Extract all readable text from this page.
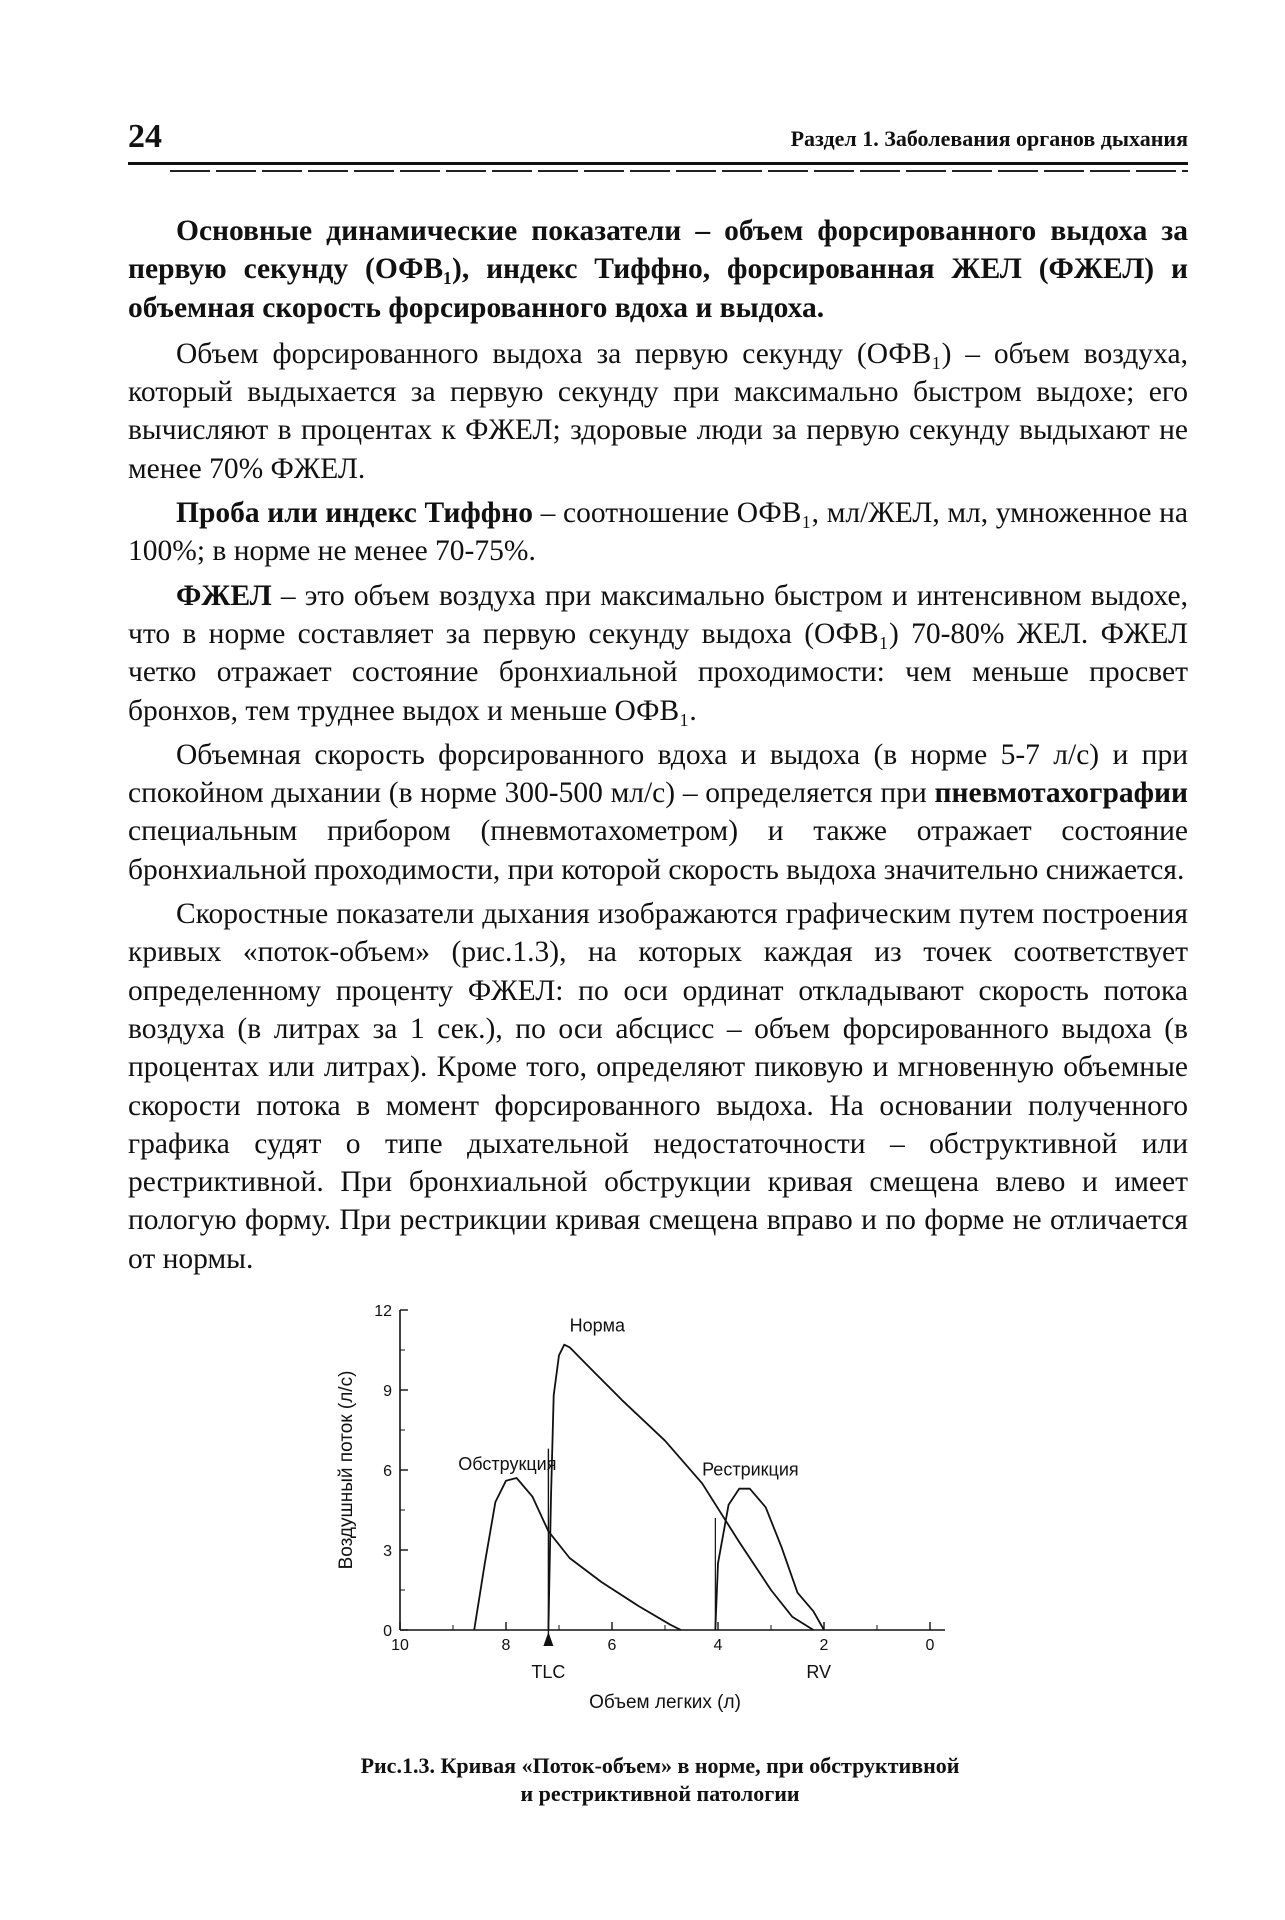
24	Раздел 1. Заболевания органов дыхания

Основные динамические показатели – объем форсированного выдоха за первую секунду (ОФВ₁), индекс Тиффно, форсированная ЖЕЛ (ФЖЕЛ) и объемная скорость форсированного вдоха и выдоха.

Объем форсированного выдоха за первую секунду (ОФВ₁) – объем воздуха, который выдыхается за первую секунду при максимально быстром выдохе; его вычисляют в процентах к ФЖЕЛ; здоровые люди за первую секунду выдыхают не менее 70% ФЖЕЛ.

Проба или индекс Тиффно – соотношение ОФВ₁, мл/ЖЕЛ, мл, умноженное на 100%; в норме не менее 70-75%.

ФЖЕЛ – это объем воздуха при максимально быстром и интенсивном выдохе, что в норме составляет за первую секунду выдоха (ОФВ₁) 70-80% ЖЕЛ. ФЖЕЛ четко отражает состояние бронхиальной проходимости: чем меньше просвет бронхов, тем труднее выдох и меньше ОФВ₁.

Объемная скорость форсированного вдоха и выдоха (в норме 5-7 л/с) и при спокойном дыхании (в норме 300-500 мл/с) – определяется при пневмотахографии специальным прибором (пневмотахометром) и также отражает состояние бронхиальной проходимости, при которой скорость выдоха значительно снижается.

Скоростные показатели дыхания изображаются графическим путем построения кривых «поток-объем» (рис.1.3), на которых каждая из точек соответствует определенному проценту ФЖЕЛ: по оси ординат откладывают скорость потока воздуха (в литрах за 1 сек.), по оси абсцисс – объем форсированного выдоха (в процентах или литрах). Кроме того, определяют пиковую и мгновенную объемные скорости потока в момент форсированного выдоха. На основании полученного графика судят о типе дыхательной недостаточности – обструктивной или рестриктивной. При бронхиальной обструкции кривая смещена влево и имеет пологую форму. При рестрикции кривая смещена вправо и по форме не отличается от нормы.

0
3
6
9
12
10	8	6	4	2	0
Объем легких (л)
Воздушный поток (л/с)
TLC	RV
Норма
Обструкция	Рестрикция
Рис.1.3. Кривая «Поток-объем» в норме, при обструктивной
и рестриктивной патологии
